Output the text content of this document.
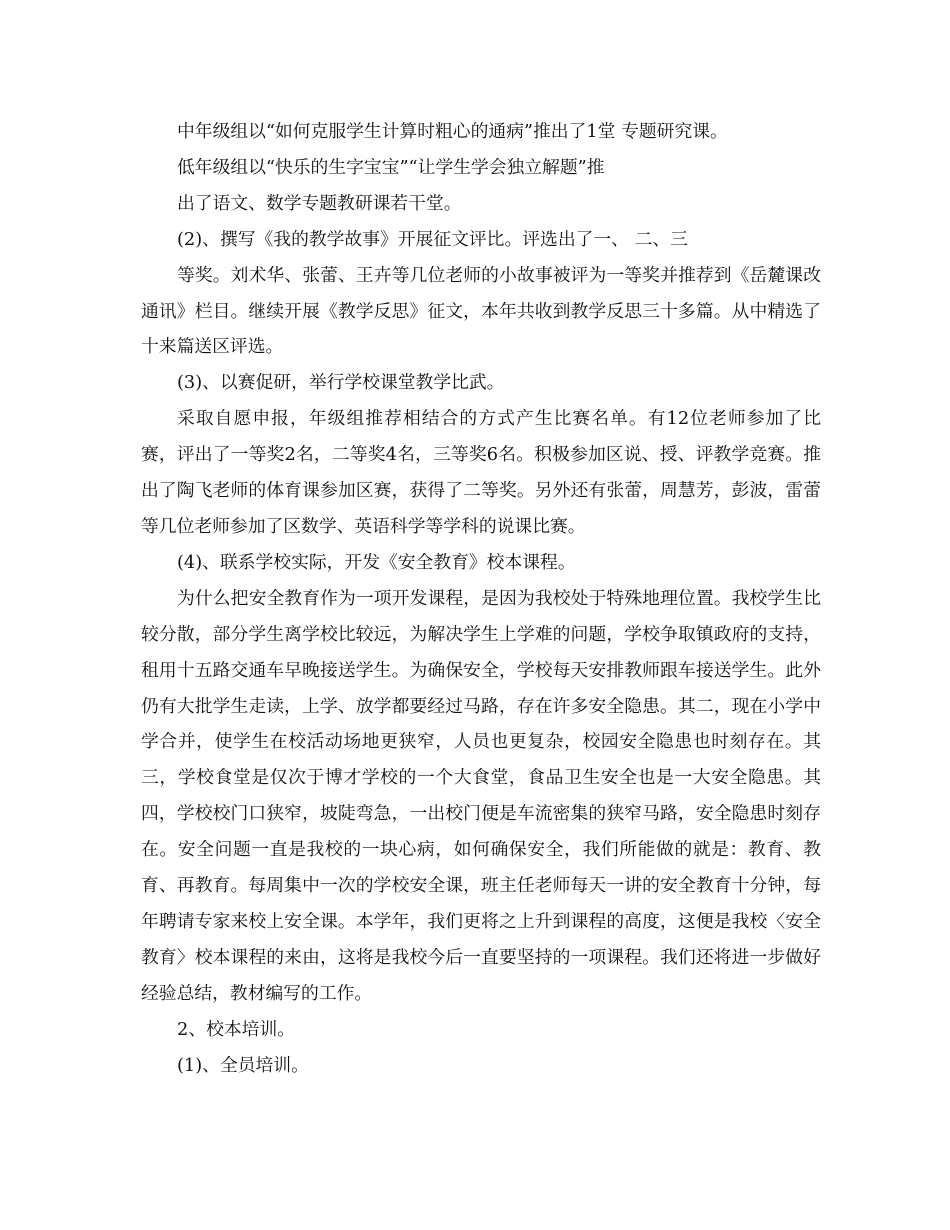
中年级组以“如何克服学生计算时粗心的通病”推出了1堂 专题研究课。
低年级组以“快乐的生字宝宝”“让学生学会独立解题”推
出了语文、数学专题教研课若干堂。
(2)、撰写《我的教学故事》开展征文评比。评选出了一、 二、三

等奖。刘术华、张蕾、王卉等几位老师的小故事被评为一等奖并推荐到《岳麓课改通讯》栏目。继续开展《教学反思》征文，本年共收到教学反思三十多篇。从中精选了十来篇送区评选。

(3)、以赛促研，举行学校课堂教学比武。

采取自愿申报，年级组推荐相结合的方式产生比赛名单。有12位老师参加了比赛，评出了一等奖2名，二等奖4名，三等奖6名。积极参加区说、授、评教学竞赛。推出了陶飞老师的体育课参加区赛，获得了二等奖。另外还有张蕾，周慧芳，彭波，雷蕾等几位老师参加了区数学、英语科学等学科的说课比赛。

(4)、联系学校实际，开发《安全教育》校本课程。

为什么把安全教育作为一项开发课程，是因为我校处于特殊地理位置。我校学生比较分散，部分学生离学校比较远，为解决学生上学难的问题，学校争取镇政府的支持，租用十五路交通车早晚接送学生。为确保安全，学校每天安排教师跟车接送学生。此外仍有大批学生走读，上学、放学都要经过马路，存在许多安全隐患。其二，现在小学中学合并，使学生在校活动场地更狭窄，人员也更复杂，校园安全隐患也时刻存在。其三，学校食堂是仅次于博才学校的一个大食堂，食品卫生安全也是一大安全隐患。其四，学校校门口狭窄，坡陡弯急，一出校门便是车流密集的狭窄马路，安全隐患时刻存在。安全问题一直是我校的一块心病，如何确保安全，我们所能做的就是：教育、教育、再教育。每周集中一次的学校安全课，班主任老师每天一讲的安全教育十分钟，每年聘请专家来校上安全课。本学年，我们更将之上升到课程的高度，这便是我校〈安全教育〉校本课程的来由，这将是我校今后一直要坚持的一项课程。我们还将进一步做好经验总结，教材编写的工作。

2、校本培训。

(1)、全员培训。
